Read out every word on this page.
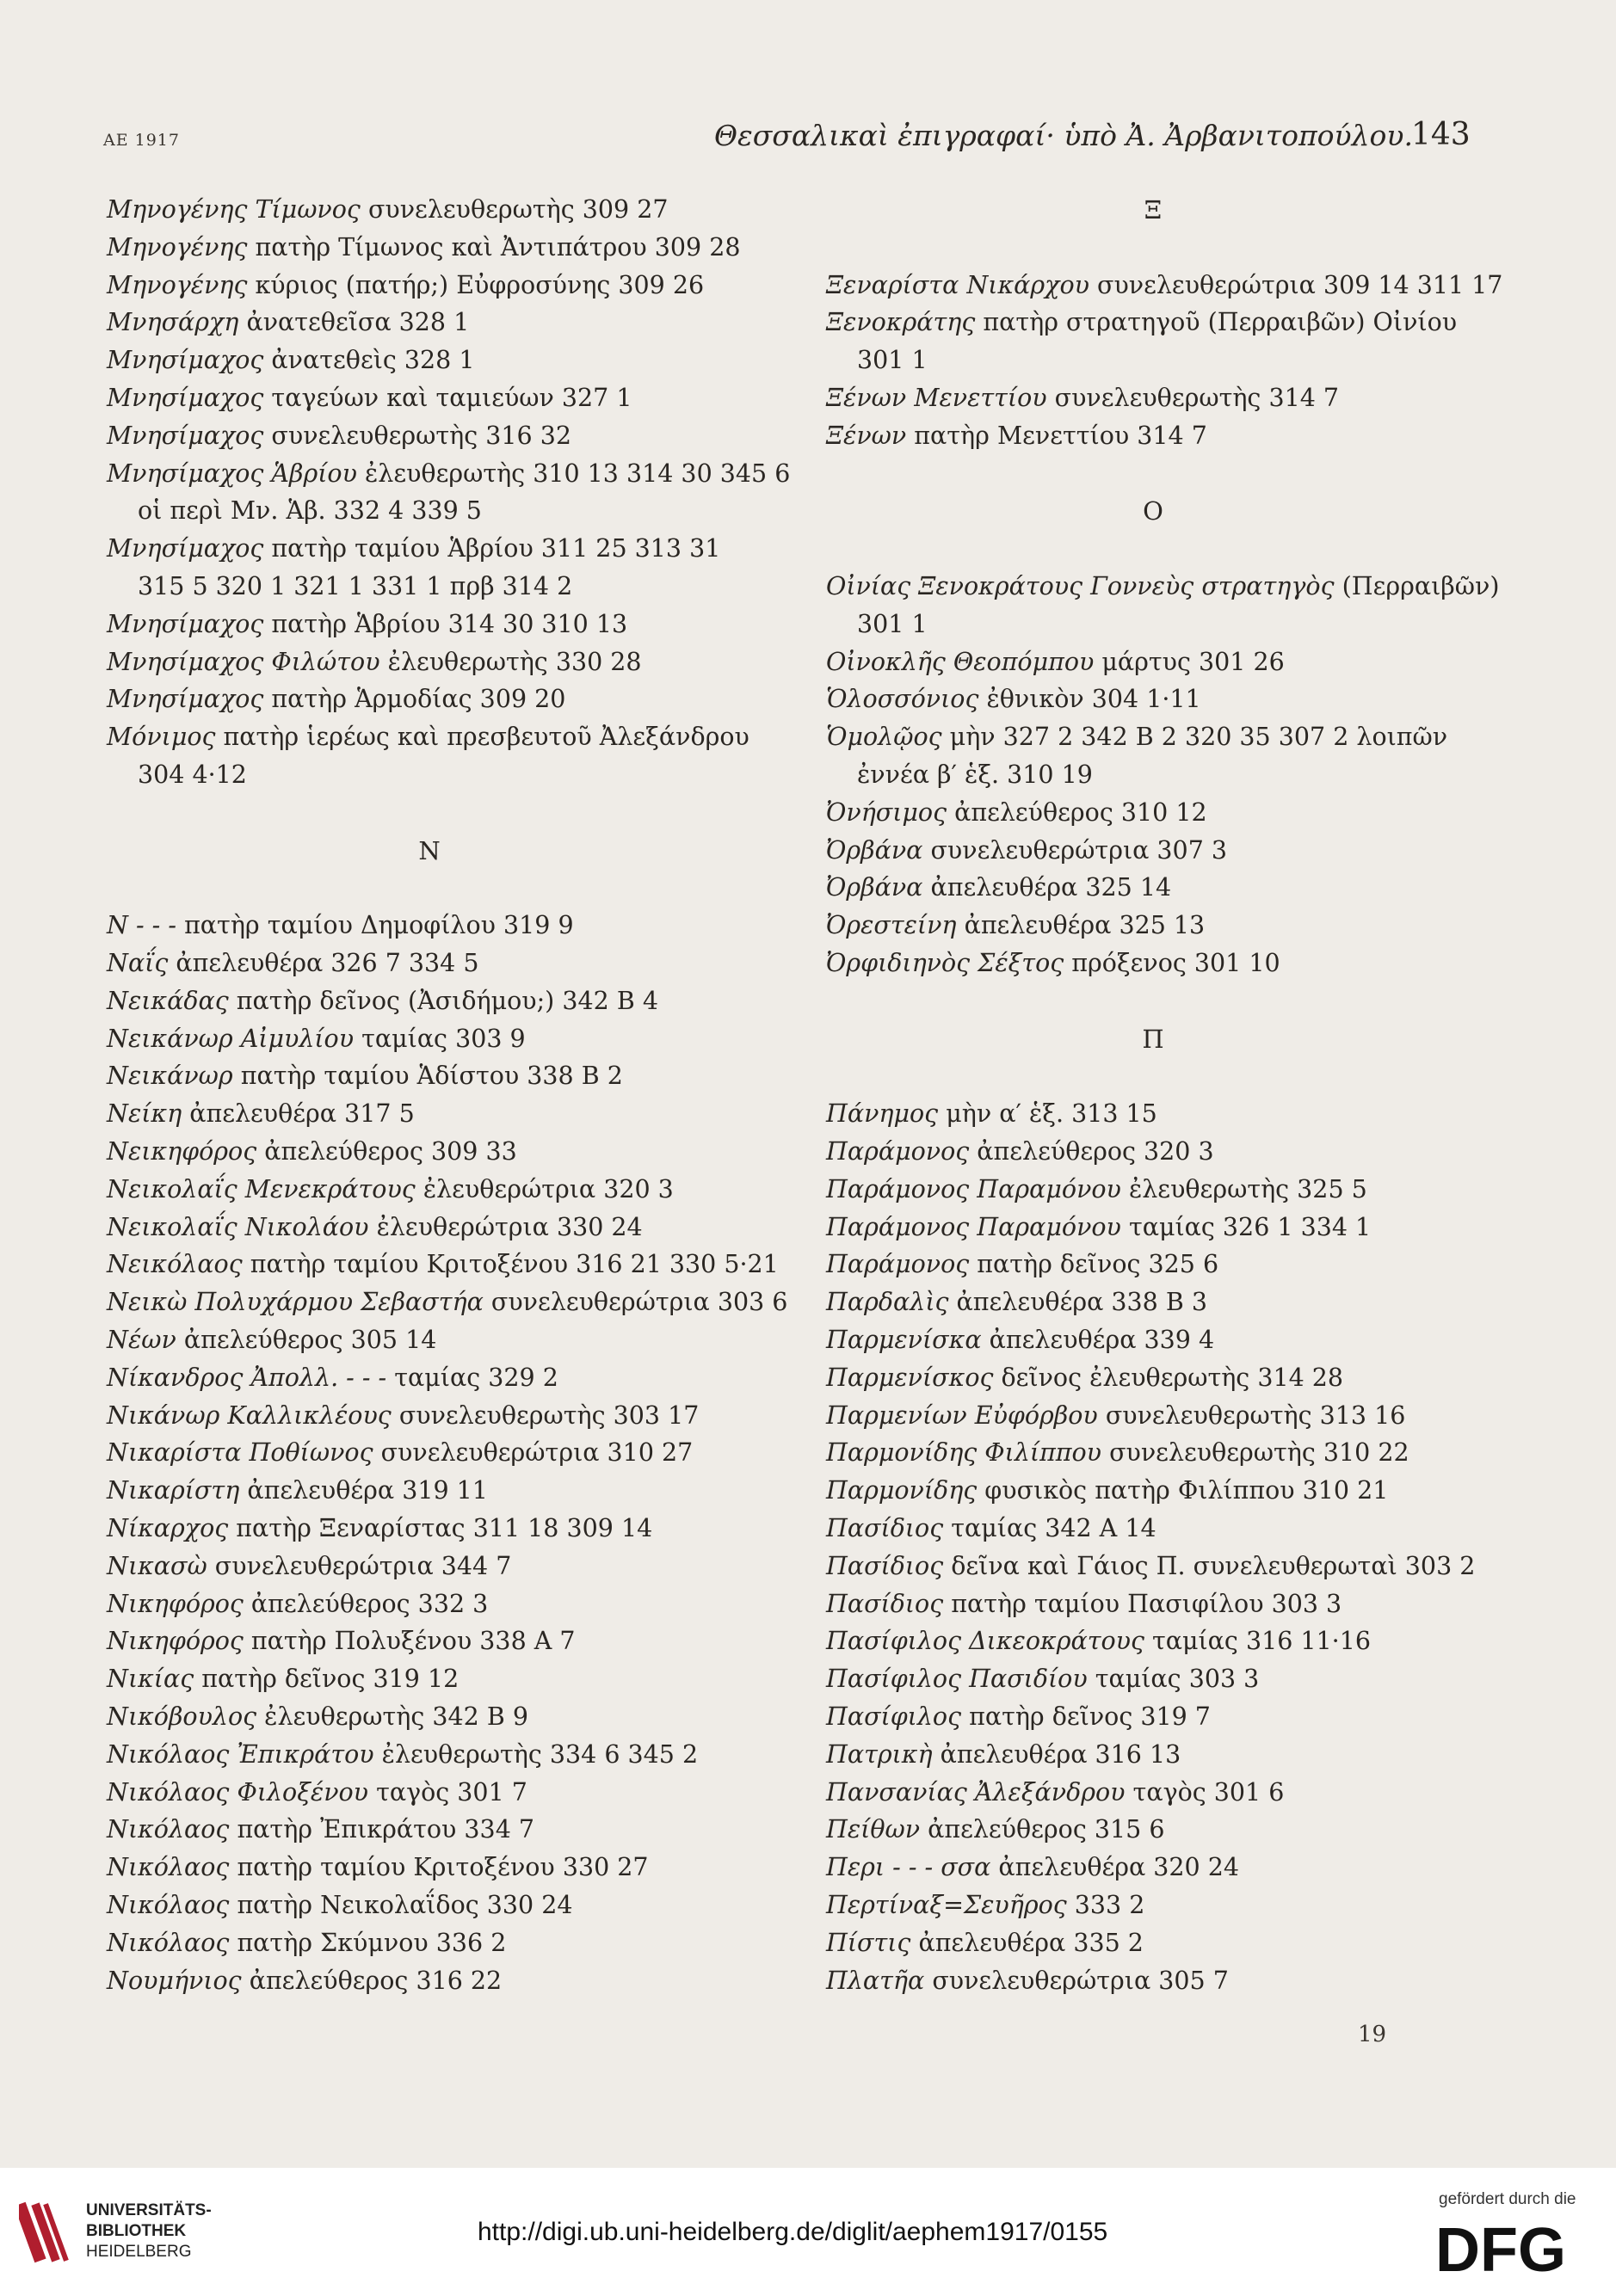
ΑΕ 1917	Θεσσαλικαὶ ἐπιγραφαί· ὑπὸ Ἀ. Ἀρβανιτοπούλου.
143
Μηνογένης Τίμωνος συνελευθερωτὴς 309 27
Μηνογένης πατὴρ Τίμωνος καὶ Ἀντιπάτρου 309 28
Μηνογένης κύριος (πατήρ;) Εὐφροσύνης 309 26
Μνησάρχη ἀνατεθεῖσα 328 1
Μνησίμαχος ἀνατεθεὶς 328 1
Μνησίμαχος ταγεύων καὶ ταμιεύων 327 1
Μνησίμαχος συνελευθερωτὴς 316 32
Μνησίμαχος Ἁβρίου ἐλευθερωτὴς 310 13 314 30 345 6
οἱ περὶ Μν. Ἁβ. 332 4 339 5
Μνησίμαχος πατὴρ ταμίου Ἁβρίου 311 25 313 31
315 5 320 1 321 1 331 1 πρβ 314 2
Μνησίμαχος πατὴρ Ἁβρίου 314 30 310 13
Μνησίμαχος Φιλώτου ἐλευθερωτὴς 330 28
Μνησίμαχος πατὴρ Ἁρμοδίας 309 20
Μόνιμος πατὴρ ἱερέως καὶ πρεσβευτοῦ Ἀλεξάνδρου
304 4·12
Ν
Ν - - - πατὴρ ταμίου Δημοφίλου 319 9
Ναΐς ἀπελευθέρα 326 7 334 5
Νεικάδας πατὴρ δεῖνος (Ἀσιδήμου;) 342 Β 4
Νεικάνωρ Αἰμυλίου ταμίας 303 9
Νεικάνωρ πατὴρ ταμίου Ἁδίστου 338 Β 2
Νείκη ἀπελευθέρα 317 5
Νεικηφόρος ἀπελεύθερος 309 33
Νεικολαΐς Μενεκράτους ἐλευθερώτρια 320 3
Νεικολαΐς Νικολάου ἐλευθερώτρια 330 24
Νεικόλαος πατὴρ ταμίου Κριτοξένου 316 21 330 5·21
Νεικὼ Πολυχάρμου Σεβαστήα συνελευθερώτρια 303 6
Νέων ἀπελεύθερος 305 14
Νίκανδρος Ἀπολλ. - - - ταμίας 329 2
Νικάνωρ Καλλικλέους συνελευθερωτὴς 303 17
Νικαρίστα Ποθίωνος συνελευθερώτρια 310 27
Νικαρίστη ἀπελευθέρα 319 11
Νίκαρχος πατὴρ Ξεναρίστας 311 18 309 14
Νικασὼ συνελευθερώτρια 344 7
Νικηφόρος ἀπελεύθερος 332 3
Νικηφόρος πατὴρ Πολυξένου 338 Α 7
Νικίας πατὴρ δεῖνος 319 12
Νικόβουλος ἐλευθερωτὴς 342 Β 9
Νικόλαος Ἐπικράτου ἐλευθερωτὴς 334 6 345 2
Νικόλαος Φιλοξένου ταγὸς 301 7
Νικόλαος πατὴρ Ἐπικράτου 334 7
Νικόλαος πατὴρ ταμίου Κριτοξένου 330 27
Νικόλαος πατὴρ Νεικολαΐδος 330 24
Νικόλαος πατὴρ Σκύμνου 336 2
Νουμήνιος ἀπελεύθερος 316 22
Ξ
Ξεναρίστα Νικάρχου συνελευθερώτρια 309 14 311 17
Ξενοκράτης πατὴρ στρατηγοῦ (Περραιβῶν) Οἰνίου
301 1
Ξένων Μενεττίου συνελευθερωτὴς 314 7
Ξένων πατὴρ Μενεττίου 314 7
Ο
Οἰνίας Ξενοκράτους Γοννεὺς στρατηγὸς (Περραιβῶν)
301 1
Οἰνοκλῆς Θεοπόμπου μάρτυς 301 26
Ὁλοσσόνιος ἐθνικὸν 304 1·11
Ὁμολῷος μὴν 327 2 342 Β 2 320 35 307 2 λοιπῶν
ἐννέα β′ ἑξ. 310 19
Ὀνήσιμος ἀπελεύθερος 310 12
Ὀρβάνα συνελευθερώτρια 307 3
Ὀρβάνα ἀπελευθέρα 325 14
Ὀρεστείνη ἀπελευθέρα 325 13
Ὀρφιδιηνὸς Σέξτος πρόξενος 301 10
Π
Πάνημος μὴν α′ ἑξ. 313 15
Παράμονος ἀπελεύθερος 320 3
Παράμονος Παραμόνου ἐλευθερωτὴς 325 5
Παράμονος Παραμόνου ταμίας 326 1 334 1
Παράμονος πατὴρ δεῖνος 325 6
Παρδαλὶς ἀπελευθέρα 338 Β 3
Παρμενίσκα ἀπελευθέρα 339 4
Παρμενίσκος δεῖνος ἐλευθερωτὴς 314 28
Παρμενίων Εὐφόρβου συνελευθερωτὴς 313 16
Παρμονίδης Φιλίππου συνελευθερωτὴς 310 22
Παρμονίδης φυσικὸς πατὴρ Φιλίππου 310 21
Πασίδιος ταμίας 342 Α 14
Πασίδιος δεῖνα καὶ Γάιος Π. συνελευθερωταὶ 303 2
Πασίδιος πατὴρ ταμίου Πασιφίλου 303 3
Πασίφιλος Δικεοκράτους ταμίας 316 11·16
Πασίφιλος Πασιδίου ταμίας 303 3
Πασίφιλος πατὴρ δεῖνος 319 7
Πατρικὴ ἀπελευθέρα 316 13
Πανσανίας Ἀλεξάνδρου ταγὸς 301 6
Πείθων ἀπελεύθερος 315 6
Περι - - - σσα ἀπελευθέρα 320 24
Περτίναξ=Σευῆρος 333 2
Πίστις ἀπελευθέρα 335 2
Πλατῆα συνελευθερώτρια 305 7
19
UNIVERSITÄTS-
BIBLIOTHEK
HEIDELBERG
http://digi.ub.uni-heidelberg.de/diglit/aephem1917/0155
gefördert durch die
DFG
